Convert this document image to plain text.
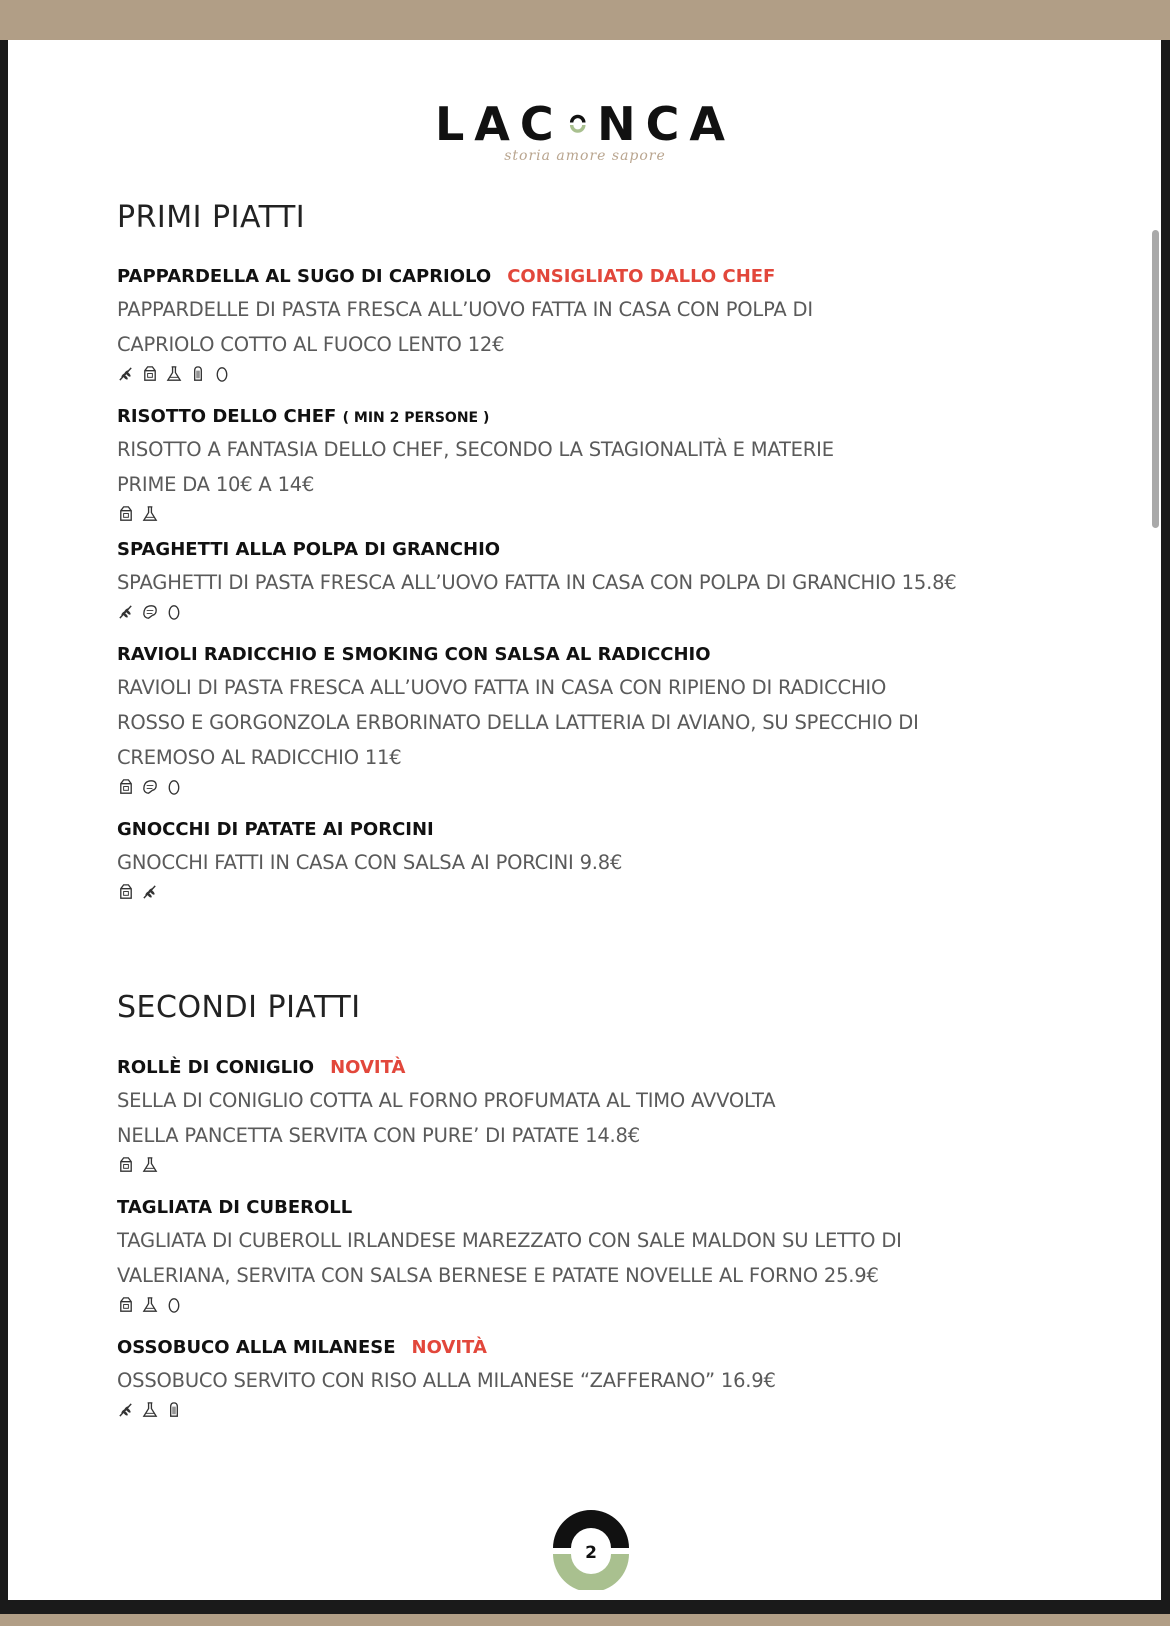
LAC NCA
storia amore sapore
PRIMI PIATTI
PAPPARDELLA AL SUGO DI CAPRIOLO CONSIGLIATO DALLO CHEF
PAPPARDELLE DI PASTA FRESCA ALL’UOVO FATTA IN CASA CON POLPA DI
CAPRIOLO COTTO AL FUOCO LENTO 12€
RISOTTO DELLO CHEF ( MIN 2 PERSONE )
RISOTTO A FANTASIA DELLO CHEF, SECONDO LA STAGIONALITÀ E MATERIE
PRIME DA 10€ A 14€
SPAGHETTI ALLA POLPA DI GRANCHIO
SPAGHETTI DI PASTA FRESCA ALL’UOVO FATTA IN CASA CON POLPA DI GRANCHIO 15.8€
RAVIOLI RADICCHIO E SMOKING CON SALSA AL RADICCHIO
RAVIOLI DI PASTA FRESCA ALL’UOVO FATTA IN CASA CON RIPIENO DI RADICCHIO
ROSSO E GORGONZOLA ERBORINATO DELLA LATTERIA DI AVIANO, SU SPECCHIO DI
CREMOSO AL RADICCHIO 11€
GNOCCHI DI PATATE AI PORCINI
GNOCCHI FATTI IN CASA CON SALSA AI PORCINI 9.8€
SECONDI PIATTI
ROLLÈ DI CONIGLIO NOVITÀ
SELLA DI CONIGLIO COTTA AL FORNO PROFUMATA AL TIMO AVVOLTA
NELLA PANCETTA SERVITA CON PURE’ DI PATATE 14.8€
TAGLIATA DI CUBEROLL
TAGLIATA DI CUBEROLL IRLANDESE MAREZZATO CON SALE MALDON SU LETTO DI
VALERIANA, SERVITA CON SALSA BERNESE E PATATE NOVELLE AL FORNO 25.9€
OSSOBUCO ALLA MILANESE NOVITÀ
OSSOBUCO SERVITO CON RISO ALLA MILANESE “ZAFFERANO” 16.9€
2
